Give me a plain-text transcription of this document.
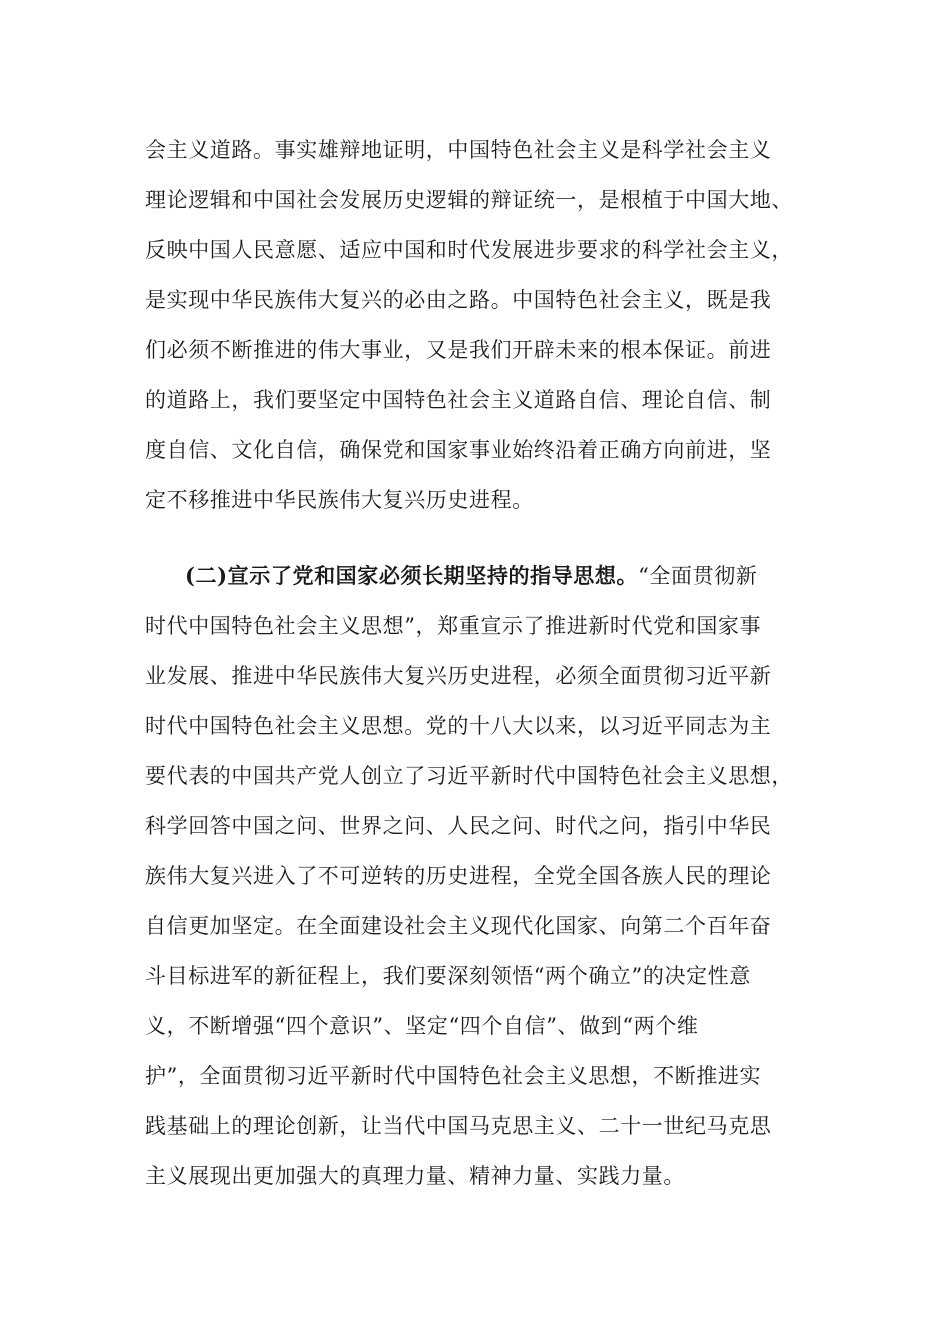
会主义道路。事实雄辩地证明，中国特色社会主义是科学社会主义
理论逻辑和中国社会发展历史逻辑的辩证统一，是根植于中国大地、
反映中国人民意愿、适应中国和时代发展进步要求的科学社会主义，
是实现中华民族伟大复兴的必由之路。中国特色社会主义，既是我
们必须不断推进的伟大事业，又是我们开辟未来的根本保证。前进
的道路上，我们要坚定中国特色社会主义道路自信、理论自信、制
度自信、文化自信，确保党和国家事业始终沿着正确方向前进，坚
定不移推进中华民族伟大复兴历史进程。
(二)宣示了党和国家必须长期坚持的指导思想。“全面贯彻新
时代中国特色社会主义思想”，郑重宣示了推进新时代党和国家事
业发展、推进中华民族伟大复兴历史进程，必须全面贯彻习近平新
时代中国特色社会主义思想。党的十八大以来，以习近平同志为主
要代表的中国共产党人创立了习近平新时代中国特色社会主义思想，
科学回答中国之问、世界之问、人民之问、时代之问，指引中华民
族伟大复兴进入了不可逆转的历史进程，全党全国各族人民的理论
自信更加坚定。在全面建设社会主义现代化国家、向第二个百年奋
斗目标进军的新征程上，我们要深刻领悟“两个确立”的决定性意
义，不断增强“四个意识”、坚定“四个自信”、做到“两个维
护”，全面贯彻习近平新时代中国特色社会主义思想，不断推进实
践基础上的理论创新，让当代中国马克思主义、二十一世纪马克思
主义展现出更加强大的真理力量、精神力量、实践力量。
